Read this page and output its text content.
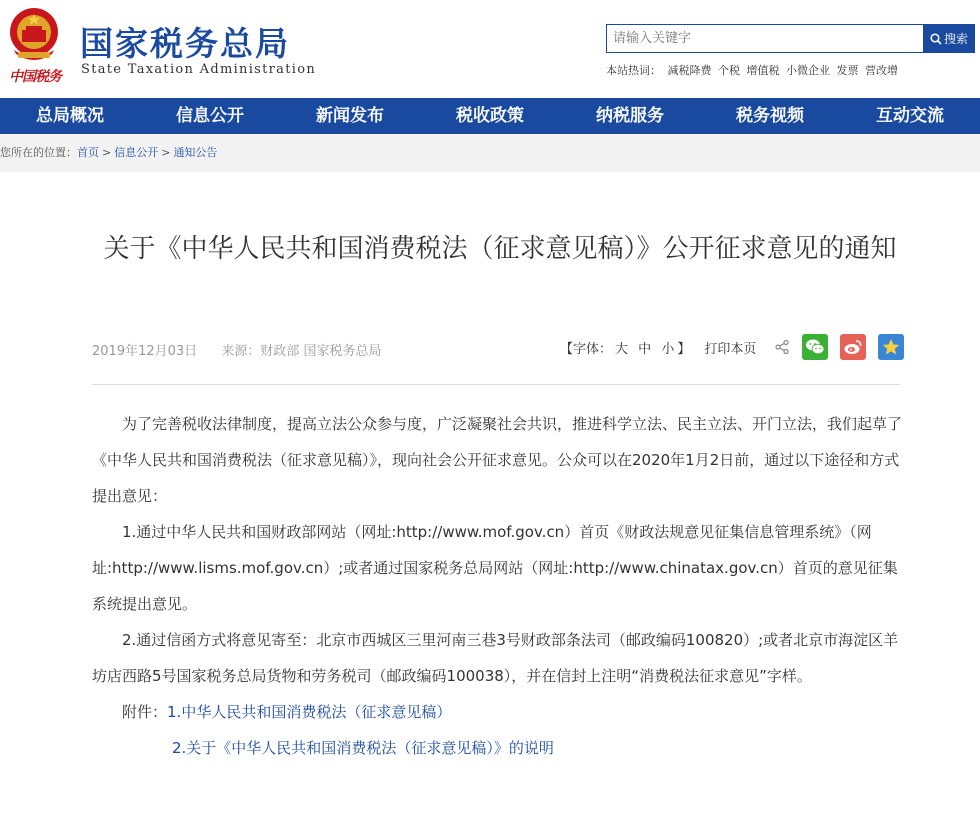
中国税务
国家税务总局
State Taxation Administration
请输入关键字
搜索
本站热词： 减税降费 个税 增值税 小微企业 发票 营改增
总局概况	信息公开	新闻发布	税收政策	纳税服务	税务视频	互动交流
您所在的位置：首页 > 信息公开 > 通知公告
关于《中华人民共和国消费税法（征求意见稿）》公开征求意见的通知
2019年12月03日 来源：财政部 国家税务总局	【字体： 大 中 小 】 打印本页

为了完善税收法律制度，提高立法公众参与度，广泛凝聚社会共识，推进科学立法、民主立法、开门立法，我们起草了《中华人民共和国消费税法（征求意见稿）》，现向社会公开征求意见。公众可以在2020年1月2日前，通过以下途径和方式提出意见：

1.通过中华人民共和国财政部网站（网址:http://www.mof.gov.cn）首页《财政法规意见征集信息管理系统》（网址:http://www.lisms.mof.gov.cn）;或者通过国家税务总局网站（网址:http://www.chinatax.gov.cn）首页的意见征集系统提出意见。

2.通过信函方式将意见寄至：北京市西城区三里河南三巷3号财政部条法司（邮政编码100820）;或者北京市海淀区羊坊店西路5号国家税务总局货物和劳务税司（邮政编码100038），并在信封上注明“消费税法征求意见”字样。

附件：1.中华人民共和国消费税法（征求意见稿）

2.关于《中华人民共和国消费税法（征求意见稿）》的说明
